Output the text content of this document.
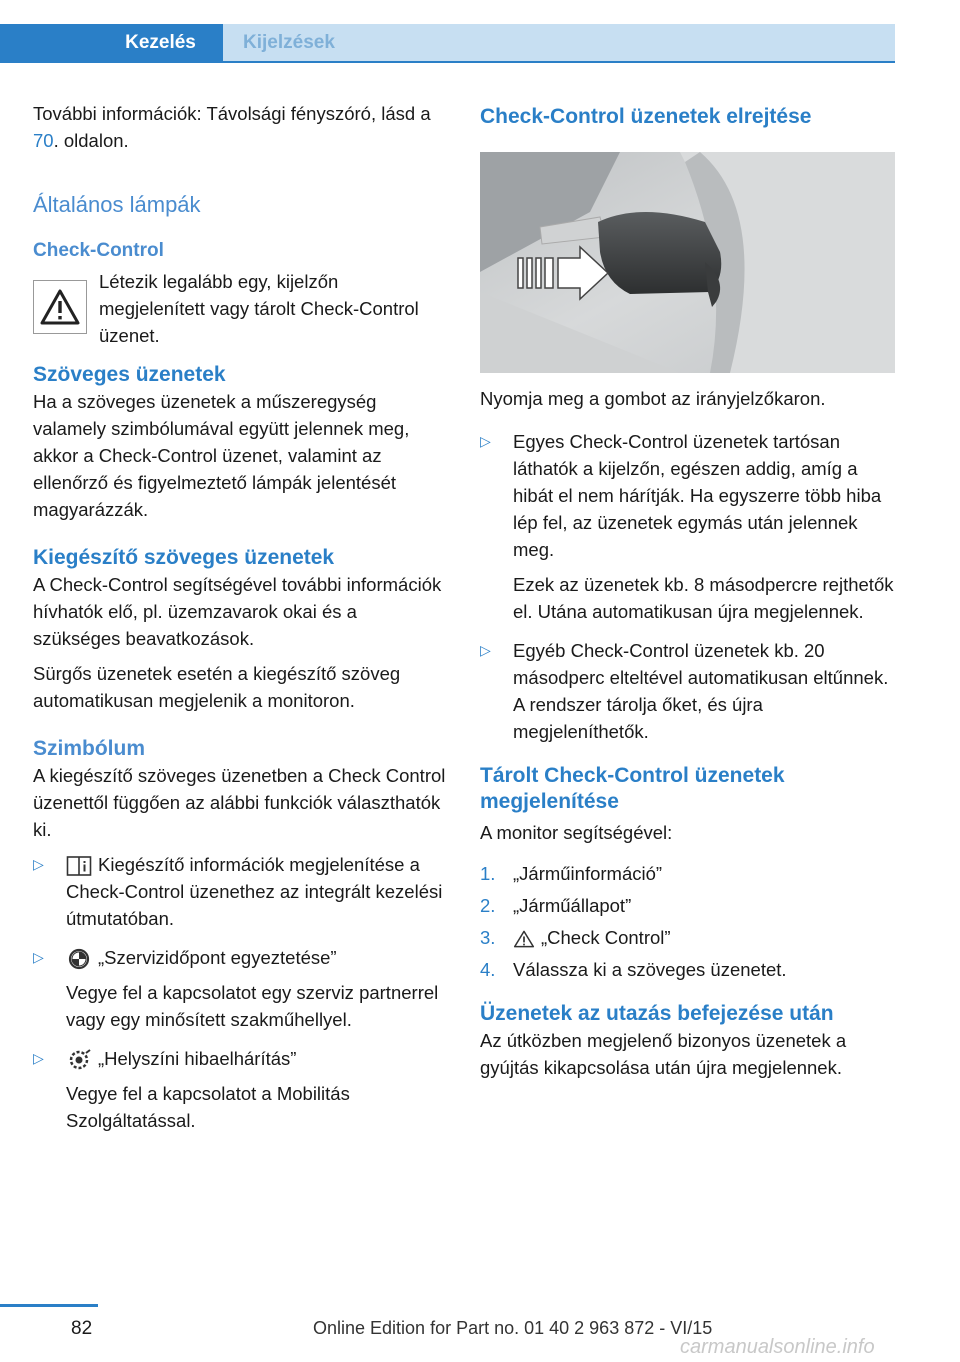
Kezelés	Kijelzések

További információk: Távolsági fényszóró, lásd a 70. oldalon.

Általános lámpák
Check-Control

Létezik legalább egy, kijelzőn megjelenített vagy tárolt Check-Control üzenet.

Szöveges üzenetek

Ha a szöveges üzenetek a műszeregység valamely szimbólumával együtt jelennek meg, akkor a Check-Control üzenet, valamint az ellenőrző és figyelmeztető lámpák jelentését magyarázzák.

Kiegészítő szöveges üzenetek

A Check-Control segítségével további információk hívhatók elő, pl. üzemzavarok okai és a szükséges beavatkozások.

Sürgős üzenetek esetén a kiegészítő szöveg automatikusan megjelenik a monitoron.

Szimbólum

A kiegészítő szöveges üzenetben a Check Control üzenettől függően az alábbi funkciók választhatók ki.

▷	Kiegészítő információk megjelenítése a Check-Control üzenethez az integrált kezelési útmutatóban.

▷	„Szervizidőpont egyeztetése”

Vegye fel a kapcsolatot egy szerviz partnerrel vagy egy minősített szakműhellyel.

▷	„Helyszíni hibaelhárítás”

Vegye fel a kapcsolatot a Mobilitás Szolgáltatással.

Check-Control üzenetek elrejtése

Nyomja meg a gombot az irányjelzőkaron.

▷ Egyes Check-Control üzenetek tartósan láthatók a kijelzőn, egészen addig, amíg a hibát el nem hárítják. Ha egyszerre több hiba lép fel, az üzenetek egymás után jelennek meg.

Ezek az üzenetek kb. 8 másodpercre rejthetők el. Utána automatikusan újra megjelennek.

▷ Egyéb Check-Control üzenetek kb. 20 másodperc elteltével automatikusan eltűnnek. A rendszer tárolja őket, és újra megjeleníthetők.

Tárolt Check-Control üzenetek megjelenítése

A monitor segítségével:

1. „Járműinformáció”

2. „Járműállapot”

3.	„Check Control”

4. Válassza ki a szöveges üzenetet.

Üzenetek az utazás befejezése után

Az útközben megjelenő bizonyos üzenetek a gyújtás kikapcsolása után újra megjelennek.

82	Online Edition for Part no. 01 40 2 963 872 - VI/15
carmanualsonline.info
